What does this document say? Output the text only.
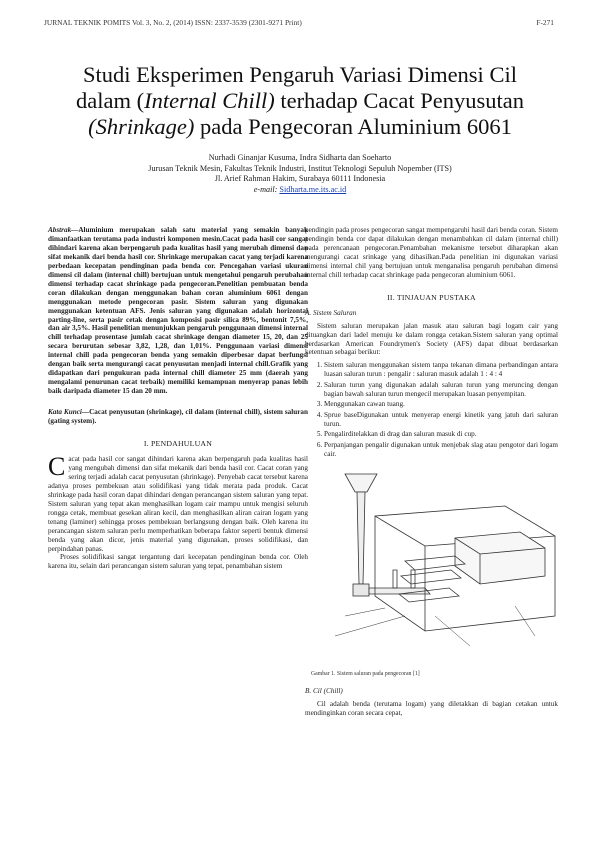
JURNAL TEKNIK POMITS Vol. 3, No. 2, (2014) ISSN: 2337-3539 (2301-9271 Print)	F-271
Studi Eksperimen Pengaruh Variasi Dimensi Cil
dalam (Internal Chill) terhadap Cacat Penyusutan
(Shrinkage) pada Pengecoran Aluminium 6061
Nurhadi Ginanjar Kusuma, Indra Sidharta dan Soeharto
Jurusan Teknik Mesin, Fakultas Teknik Industri, Institut Teknologi Sepuluh Nopember (ITS)
Jl. Arief Rahman Hakim, Surabaya 60111 Indonesia
e-mail: Sidharta.me.its.ac.id

Abstrak—Aluminium merupakan salah satu material yang semakin banyak dimanfaatkan terutama pada industri komponen mesin.Cacat pada hasil cor sangat dihindari karena akan berpengaruh pada kualitas hasil yang merubah dimensi dan sifat mekanik dari benda hasil cor. Shrinkage merupakan cacat yang terjadi karena perbedaan kecepatan pendinginan pada benda cor. Pencegahan variasi ukuran dimensi cil dalam (internal chill) bertujuan untuk mengetahui pengaruh perubahan dimensi terhadap cacat shrinkage pada pengecoran.Penelitian pembuatan benda coran dilakukan dengan menggunakan bahan coran aluminium 6061 dengan menggunakan metode pengecoran pasir. Sistem saluran yang digunakan menggunakan ketentuan AFS. Jenis saluran yang digunakan adalah horizontal parting-line, serta pasir cetak dengan komposisi pasir silica 89%, bentonit 7,5%, dan air 3,5%. Hasil penelitian menunjukkan pengaruh penggunaan dimensi internal chill terhadap prosentase jumlah cacat shrinkage dengan diameter 15, 20, dan 25 secara berurutan sebesar 3,82, 1,28, dan 1,01%. Penggunaan variasi dimensi internal chill pada pengecoran benda yang semakin diperbesar dapat berfungsi dengan baik serta mengurangi cacat penyusutan menjadi internal chill.Grafik yang didapatkan dari pengukuran pada internal chill diameter 25 mm (daerah yang mengalami penurunan cacat terbaik) memiliki kemampuan menyerap panas lebih baik daripada diameter 15 dan 20 mm.

Kata Kunci—Cacat penyusutan (shrinkage), cil dalam (internal chill), sistem saluran (gating system).

I. PENDAHULUAN

Cacat pada hasil cor sangat dihindari karena akan berpengaruh pada kualitas hasil yang mengubah dimensi dan sifat mekanik dari benda hasil cor. Cacat coran yang sering terjadi adalah cacat penyusutan (shrinkage). Penyebab cacat tersebut karena adanya proses pembekuan atau solidifikasi yang tidak merata pada produk. Cacat shrinkage pada hasil coran dapat dihindari dengan perancangan sistem saluran yang tepat. Sistem saluran yang tepat akan menghasilkan logam cair mampu untuk mengisi seluruh rongga cetak, membuat gesekan aliran kecil, dan menghasilkan aliran cairan logam yang tenang (laminer) sehingga proses pembekuan berlangsung dengan baik. Oleh karena itu perancangan sistem saluran perlu memperhatikan beberapa faktor seperti bentuk dimensi benda yang akan dicor, jenis material yang digunakan, proses solidifikasi, dan perpindahan panas.

Proses solidifikasi sangat tergantung dari kecepatan pendinginan benda cor. Oleh karena itu, selain dari perancangan sistem saluran yang tepat, penambahan sistem

pendingin pada proses pengecoran sangat mempengaruhi hasil dari benda coran. Sistem pendingin benda cor dapat dilakukan dengan menambahkan cil dalam (internal chill) pada perencanaan pengecoran.Penambahan mekanisme tersebut diharapkan akan mengurangi cacat srinkage yang dihasilkan.Pada penelitian ini digunakan variasi dimensi internal chil yang bertujuan untuk menganalisa pengaruh perubahan dimensi internal chill terhadap cacat shrinkage pada pengecoran aluminium 6061.

II. TINJAUAN PUSTAKA
A. Sistem Saluran

Sistem saluran merupakan jalan masuk atau saluran bagi logam cair yang dituangkan dari ladel menuju ke dalam rongga cetakan.Sistem saluran yang optimal berdasarkan American Foundrymen's Society (AFS) dapat dibuat berdasarkan ketentuan sebagai berikut:

1. Sistem saluran menggunakan sistem tanpa tekanan dimana perbandingan antara luasan saluran turun : pengalir : saluran masuk adalah 1 : 4 : 4
2. Saluran turun yang digunakan adalah saluran turun yang meruncing dengan bagian bawah saluran turun mengecil merupakan luasan penyempitan.
3. Menggunakan cawan tuang.
4. Sprue baseDigunakan untuk menyerap energi kinetik yang jatuh dari saluran turun.
5. Pengalirditelakkan di drag dan saluran masuk di cup.
6. Perpanjangan pengalir digunakan untuk menjebak slag atau pengotor dari logam cair.
Gambar 1. Sistem saluran pada pengecoran [1]
B. Cil (Chill)

Cil adalah benda (terutama logam) yang diletakkan di bagian cetakan untuk mendinginkan coran secara cepat,
